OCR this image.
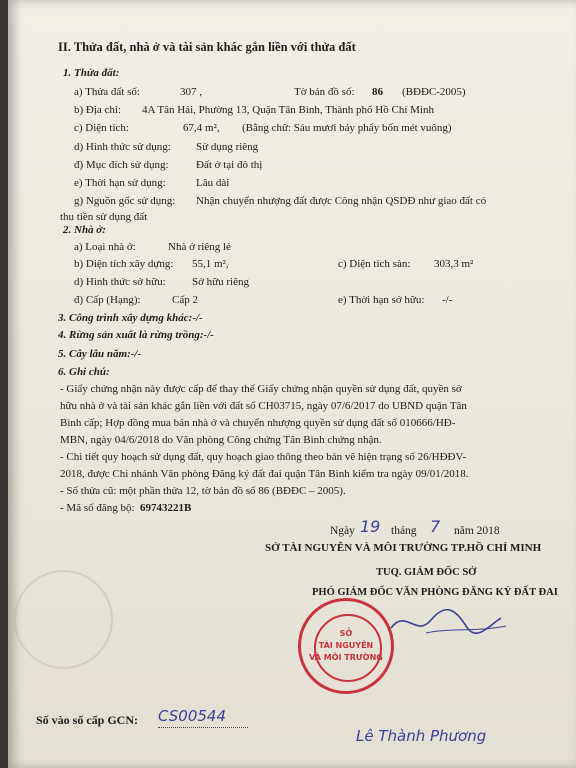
II. Thửa đất, nhà ở và tài sản khác gắn liền với thửa đất
1. Thửa đất:
a) Thửa đất số:	307 ,	Tờ bản đồ số: 86 (BĐĐC-2005)
b) Địa chỉ: 4A Tân Hải, Phường 13, Quận Tân Bình, Thành phố Hồ Chí Minh
c) Diện tích:	67,4 m², (Bằng chữ: Sáu mươi bảy phẩy bốn mét vuông)
d) Hình thức sử dụng: Sử dụng riêng
đ) Mục đích sử dụng: Đất ở tại đô thị
e) Thời hạn sử dụng:	Lâu dài
g) Nguồn gốc sử dụng: Nhận chuyển nhượng đất được Công nhận QSDĐ như giao đất có
thu tiền sử dụng đất
2. Nhà ở:
a) Loại nhà ở:	Nhà ở riêng lẻ
b) Diện tích xây dựng: 55,1 m²,	c) Diện tích sàn: 303,3 m²
d) Hình thức sở hữu: Sở hữu riêng
đ) Cấp (Hạng):	Cấp 2	e) Thời hạn sở hữu: -/-
3. Công trình xây dựng khác:-/-
4. Rừng sản xuất là rừng trồng:-/-
5. Cây lâu năm:-/-
6. Ghi chú:
- Giấy chứng nhận này được cấp để thay thế Giấy chứng nhận quyền sử dụng đất, quyền sở
hữu nhà ở và tài sản khác gắn liền với đất số CH03715, ngày 07/6/2017 do UBND quận Tân
Bình cấp; Hợp đồng mua bán nhà ở và chuyển nhượng quyền sử dụng đất số 010666/HĐ-
MBN, ngày 04/6/2018 do Văn phòng Công chứng Tân Bình chứng nhận.
- Chi tiết quy hoạch sử dụng đất, quy hoạch giao thông theo bản vẽ hiện trạng số 26/HĐĐV-
2018, được Chi nhánh Văn phòng Đăng ký đất đai quận Tân Bình kiểm tra ngày 09/01/2018.
- Số thửa cũ: một phần thửa 12, tờ bản đồ số 86 (BĐĐC – 2005).
- Mã số đăng bộ: 69743221B
Ngày 19 tháng 7 năm 2018
SỞ TÀI NGUYÊN VÀ MÔI TRƯỜNG TP.HỒ CHÍ MINH
TUQ. GIÁM ĐỐC SỞ
PHÓ GIÁM ĐỐC VĂN PHÒNG ĐĂNG KÝ ĐẤT ĐAI
SỞ
TÀI NGUYÊN
VÀ MÔI TRƯỜNG
Lê Thành Phương
Số vào sổ cấp GCN: CS00544
